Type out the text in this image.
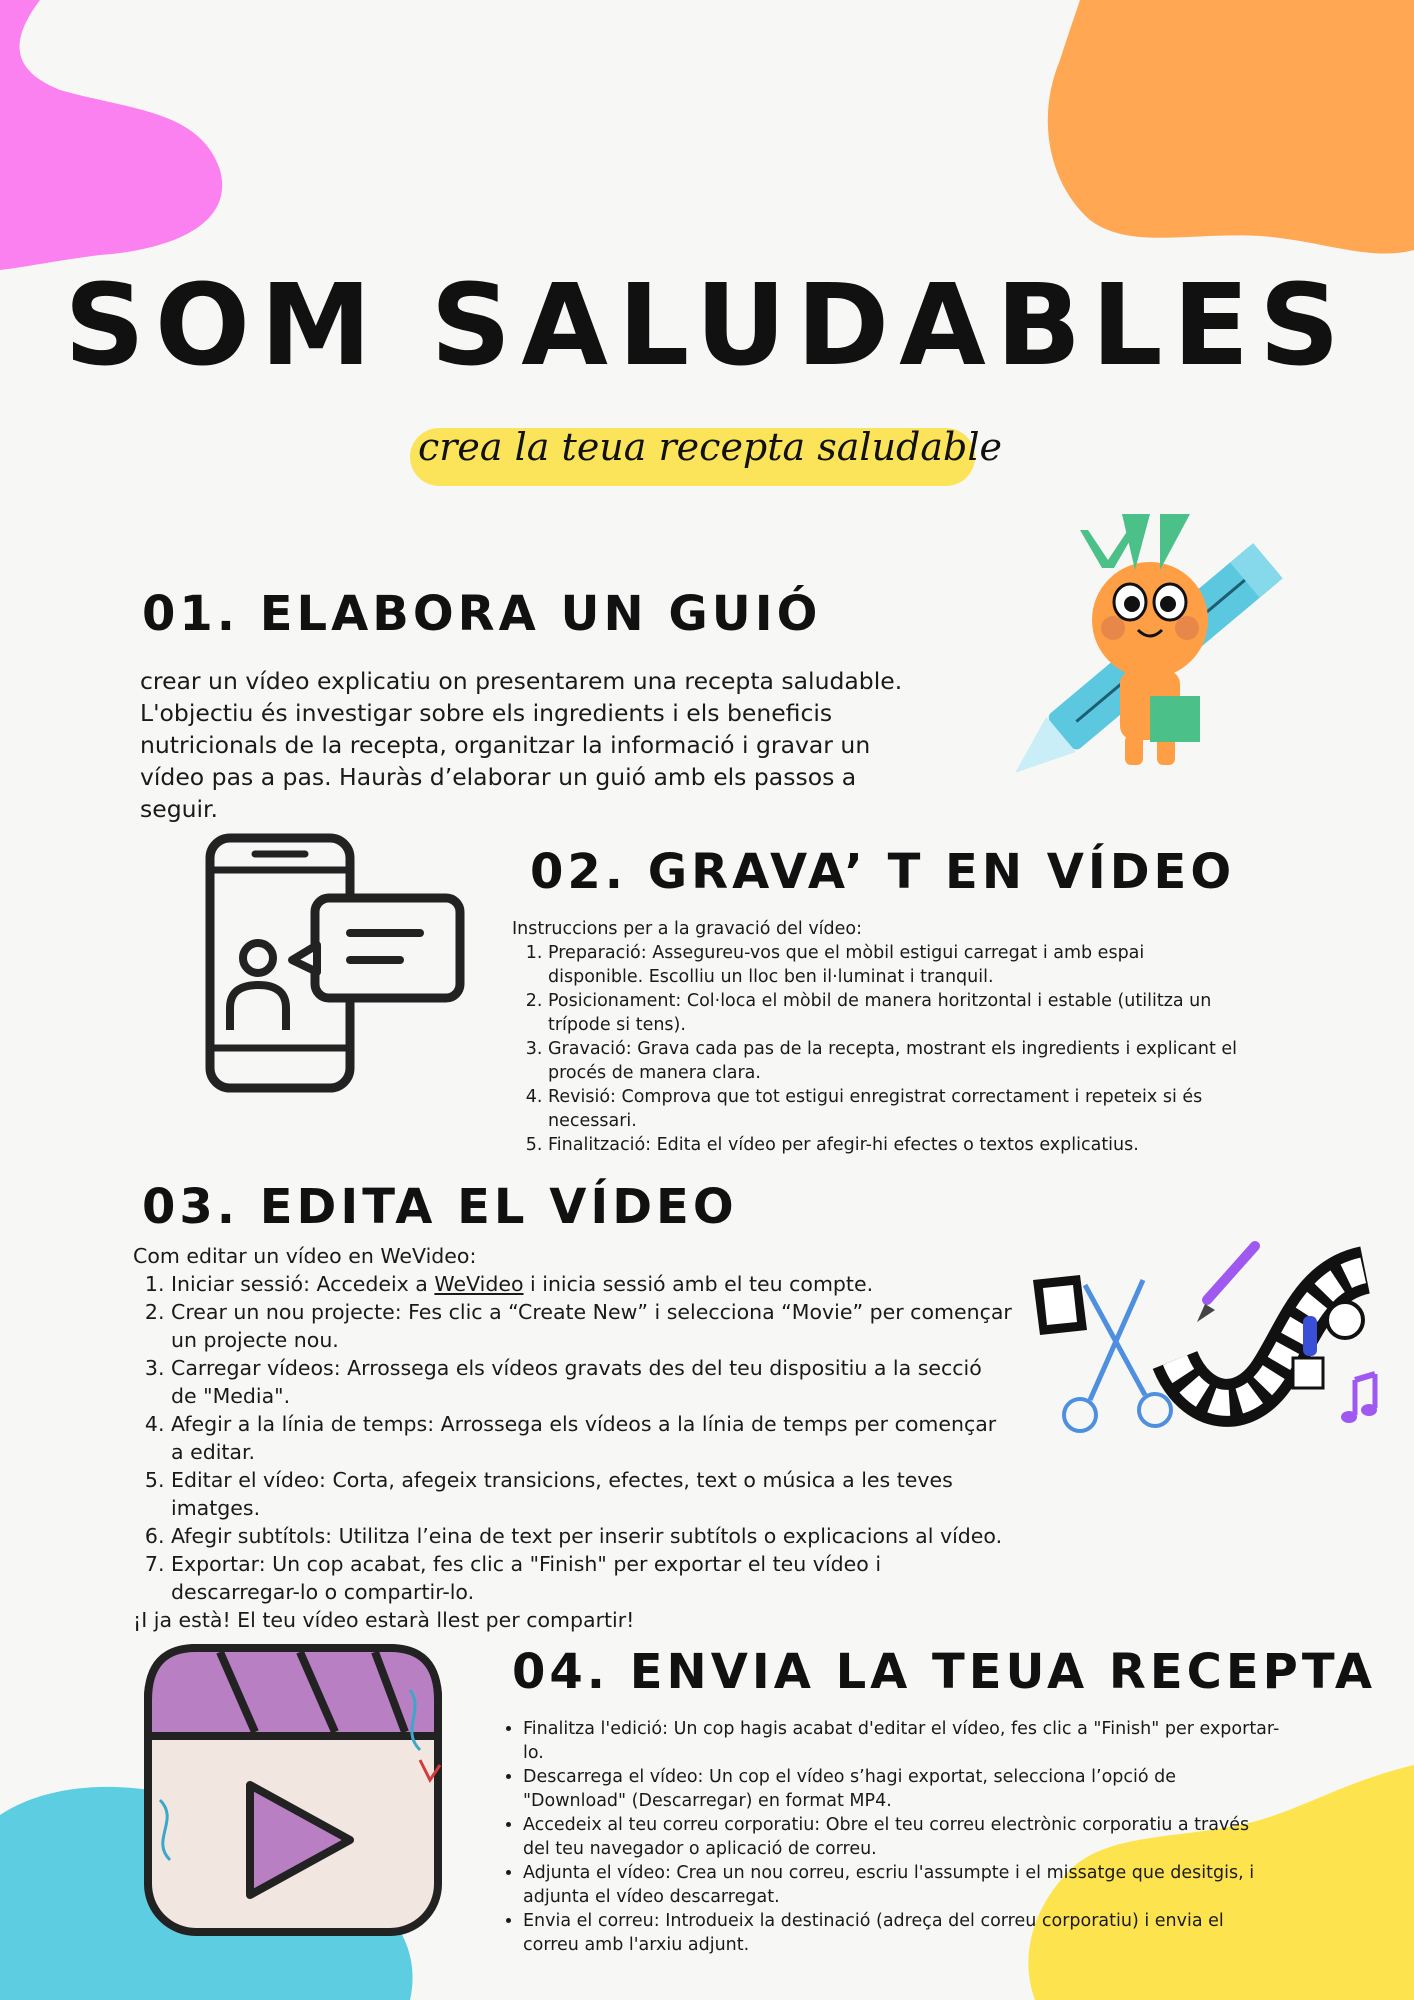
SOM SALUDABLES
crea la teua recepta saludable
01. ELABORA UN GUIÓ
crear un vídeo explicatiu on presentarem una recepta saludable. L'objectiu és investigar sobre els ingredients i els beneficis nutricionals de la recepta, organitzar la informació i gravar un vídeo pas a pas. Hauràs d’elaborar un guió amb els passos a seguir.
02. GRAVA’ T EN VÍDEO
Instruccions per a la gravació del vídeo:
1. Preparació: Assegureu-vos que el mòbil estigui carregat i amb espai disponible. Escolliu un lloc ben il·luminat i tranquil.
2. Posicionament: Col·loca el mòbil de manera horitzontal i estable (utilitza un trípode si tens).
3. Gravació: Grava cada pas de la recepta, mostrant els ingredients i explicant el procés de manera clara.
4. Revisió: Comprova que tot estigui enregistrat correctament i repeteix si és necessari.
5. Finalització: Edita el vídeo per afegir-hi efectes o textos explicatius.
03. EDITA EL VÍDEO
Com editar un vídeo en WeVideo:
1. Iniciar sessió: Accedeix a WeVideo i inicia sessió amb el teu compte.
2. Crear un nou projecte: Fes clic a “Create New” i selecciona “Movie” per començar un projecte nou.
3. Carregar vídeos: Arrossega els vídeos gravats des del teu dispositiu a la secció de "Media".
4. Afegir a la línia de temps: Arrossega els vídeos a la línia de temps per començar a editar.
5. Editar el vídeo: Corta, afegeix transicions, efectes, text o música a les teves imatges.
6. Afegir subtítols: Utilitza l’eina de text per inserir subtítols o explicacions al vídeo.
7. Exportar: Un cop acabat, fes clic a "Finish" per exportar el teu vídeo i descarregar-lo o compartir-lo.
¡I ja està! El teu vídeo estarà llest per compartir!
04. ENVIA LA TEUA RECEPTA
• Finalitza l'edició: Un cop hagis acabat d'editar el vídeo, fes clic a "Finish" per exportar-lo.
• Descarrega el vídeo: Un cop el vídeo s’hagi exportat, selecciona l’opció de "Download" (Descarregar) en format MP4.
• Accedeix al teu correu corporatiu: Obre el teu correu electrònic corporatiu a través del teu navegador o aplicació de correu.
• Adjunta el vídeo: Crea un nou correu, escriu l'assumpte i el missatge que desitgis, i adjunta el vídeo descarregat.
• Envia el correu: Introdueix la destinació (adreça del correu corporatiu) i envia el correu amb l'arxiu adjunt.
